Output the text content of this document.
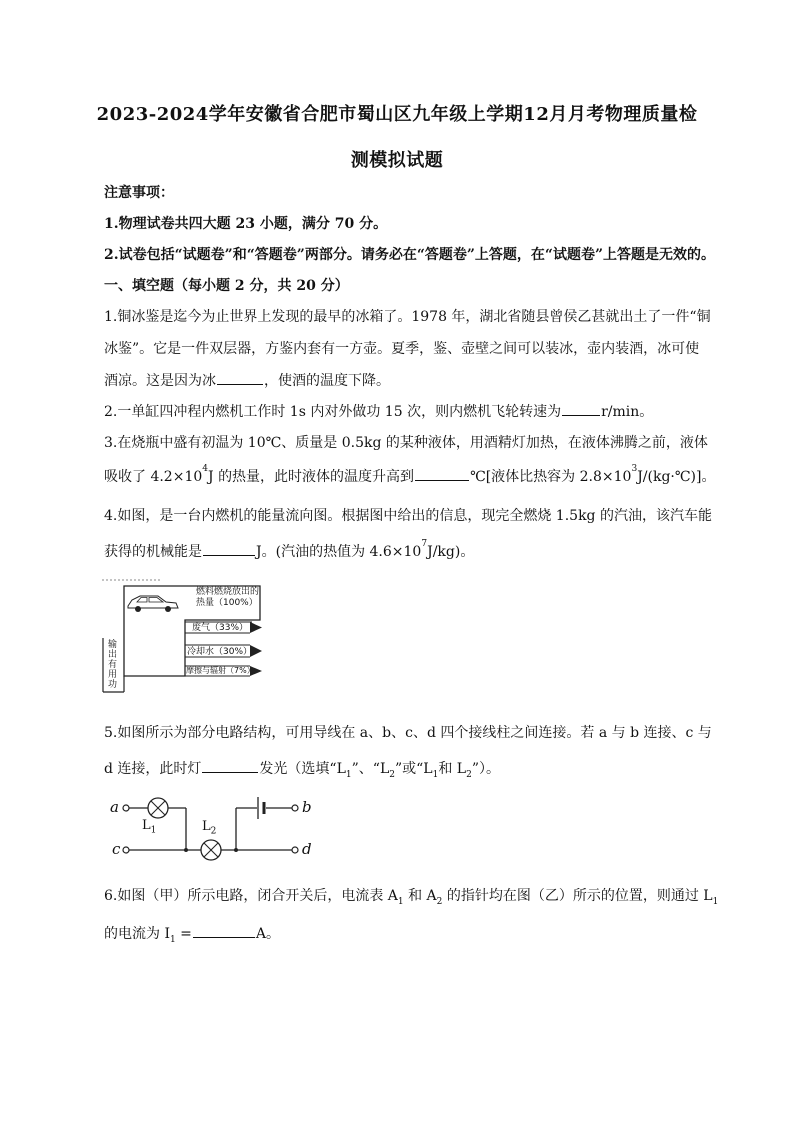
2023-2024学年安徽省合肥市蜀山区九年级上学期12月月考物理质量检
测模拟试题
注意事项：
1.物理试卷共四大题 23 小题，满分 70 分。
2.试卷包括“试题卷”和“答题卷”两部分。请务必在“答题卷”上答题，在“试题卷”上答题是无效的。
一、填空题（每小题 2 分，共 20 分）
1.铜冰鉴是迄今为止世界上发现的最早的冰箱了。1978 年，湖北省随县曾侯乙甚就出土了一件“铜
冰鉴”。它是一件双层器，方鉴内套有一方壶。夏季，鉴、壶壁之间可以装冰，壶内装酒，冰可使
酒凉。这是因为冰	，使酒的温度下降。
2.一单缸四冲程内燃机工作时 1s 内对外做功 15 次，则内燃机飞轮转速为	r/min。
3.在烧瓶中盛有初温为 10℃、质量是 0.5kg 的某种液体，用酒精灯加热，在液体沸腾之前，液体
吸收了 $4.2\times 10^4J$ 的热量，此时液体的温度升高到	℃[液体比热容为 $2.8\times 10^3J/(kg\cdot℃)$]。
4.如图，是一台内燃机的能量流向图。根据图中给出的信息，现完全燃烧 1.5kg 的汽油，该汽车能
获得的机械能是	J。(汽油的热值为 $4.6\times 10^7J/kg$)。
燃料燃烧放出的
热量（100%）
废气（33%）
冷却水（30%）
摩擦与辐射（7%）
输
出
有
用
功
5.如图所示为部分电路结构，可用导线在 a、b、c、d 四个接线柱之间连接。若 a 与 b 连接、c 与
d 连接，此时灯	发光（选填“$L_1$”、“$L_2$”或“$L_1$和 $L_2$”）。
a
c
b
d
$L_1$	$L_2$
6.如图（甲）所示电路，闭合开关后，电流表 $A_1$ 和 $A_2$ 的指针均在图（乙）所示的位置，则通过 $L_1$
的电流为 $I_1$ =	A。
